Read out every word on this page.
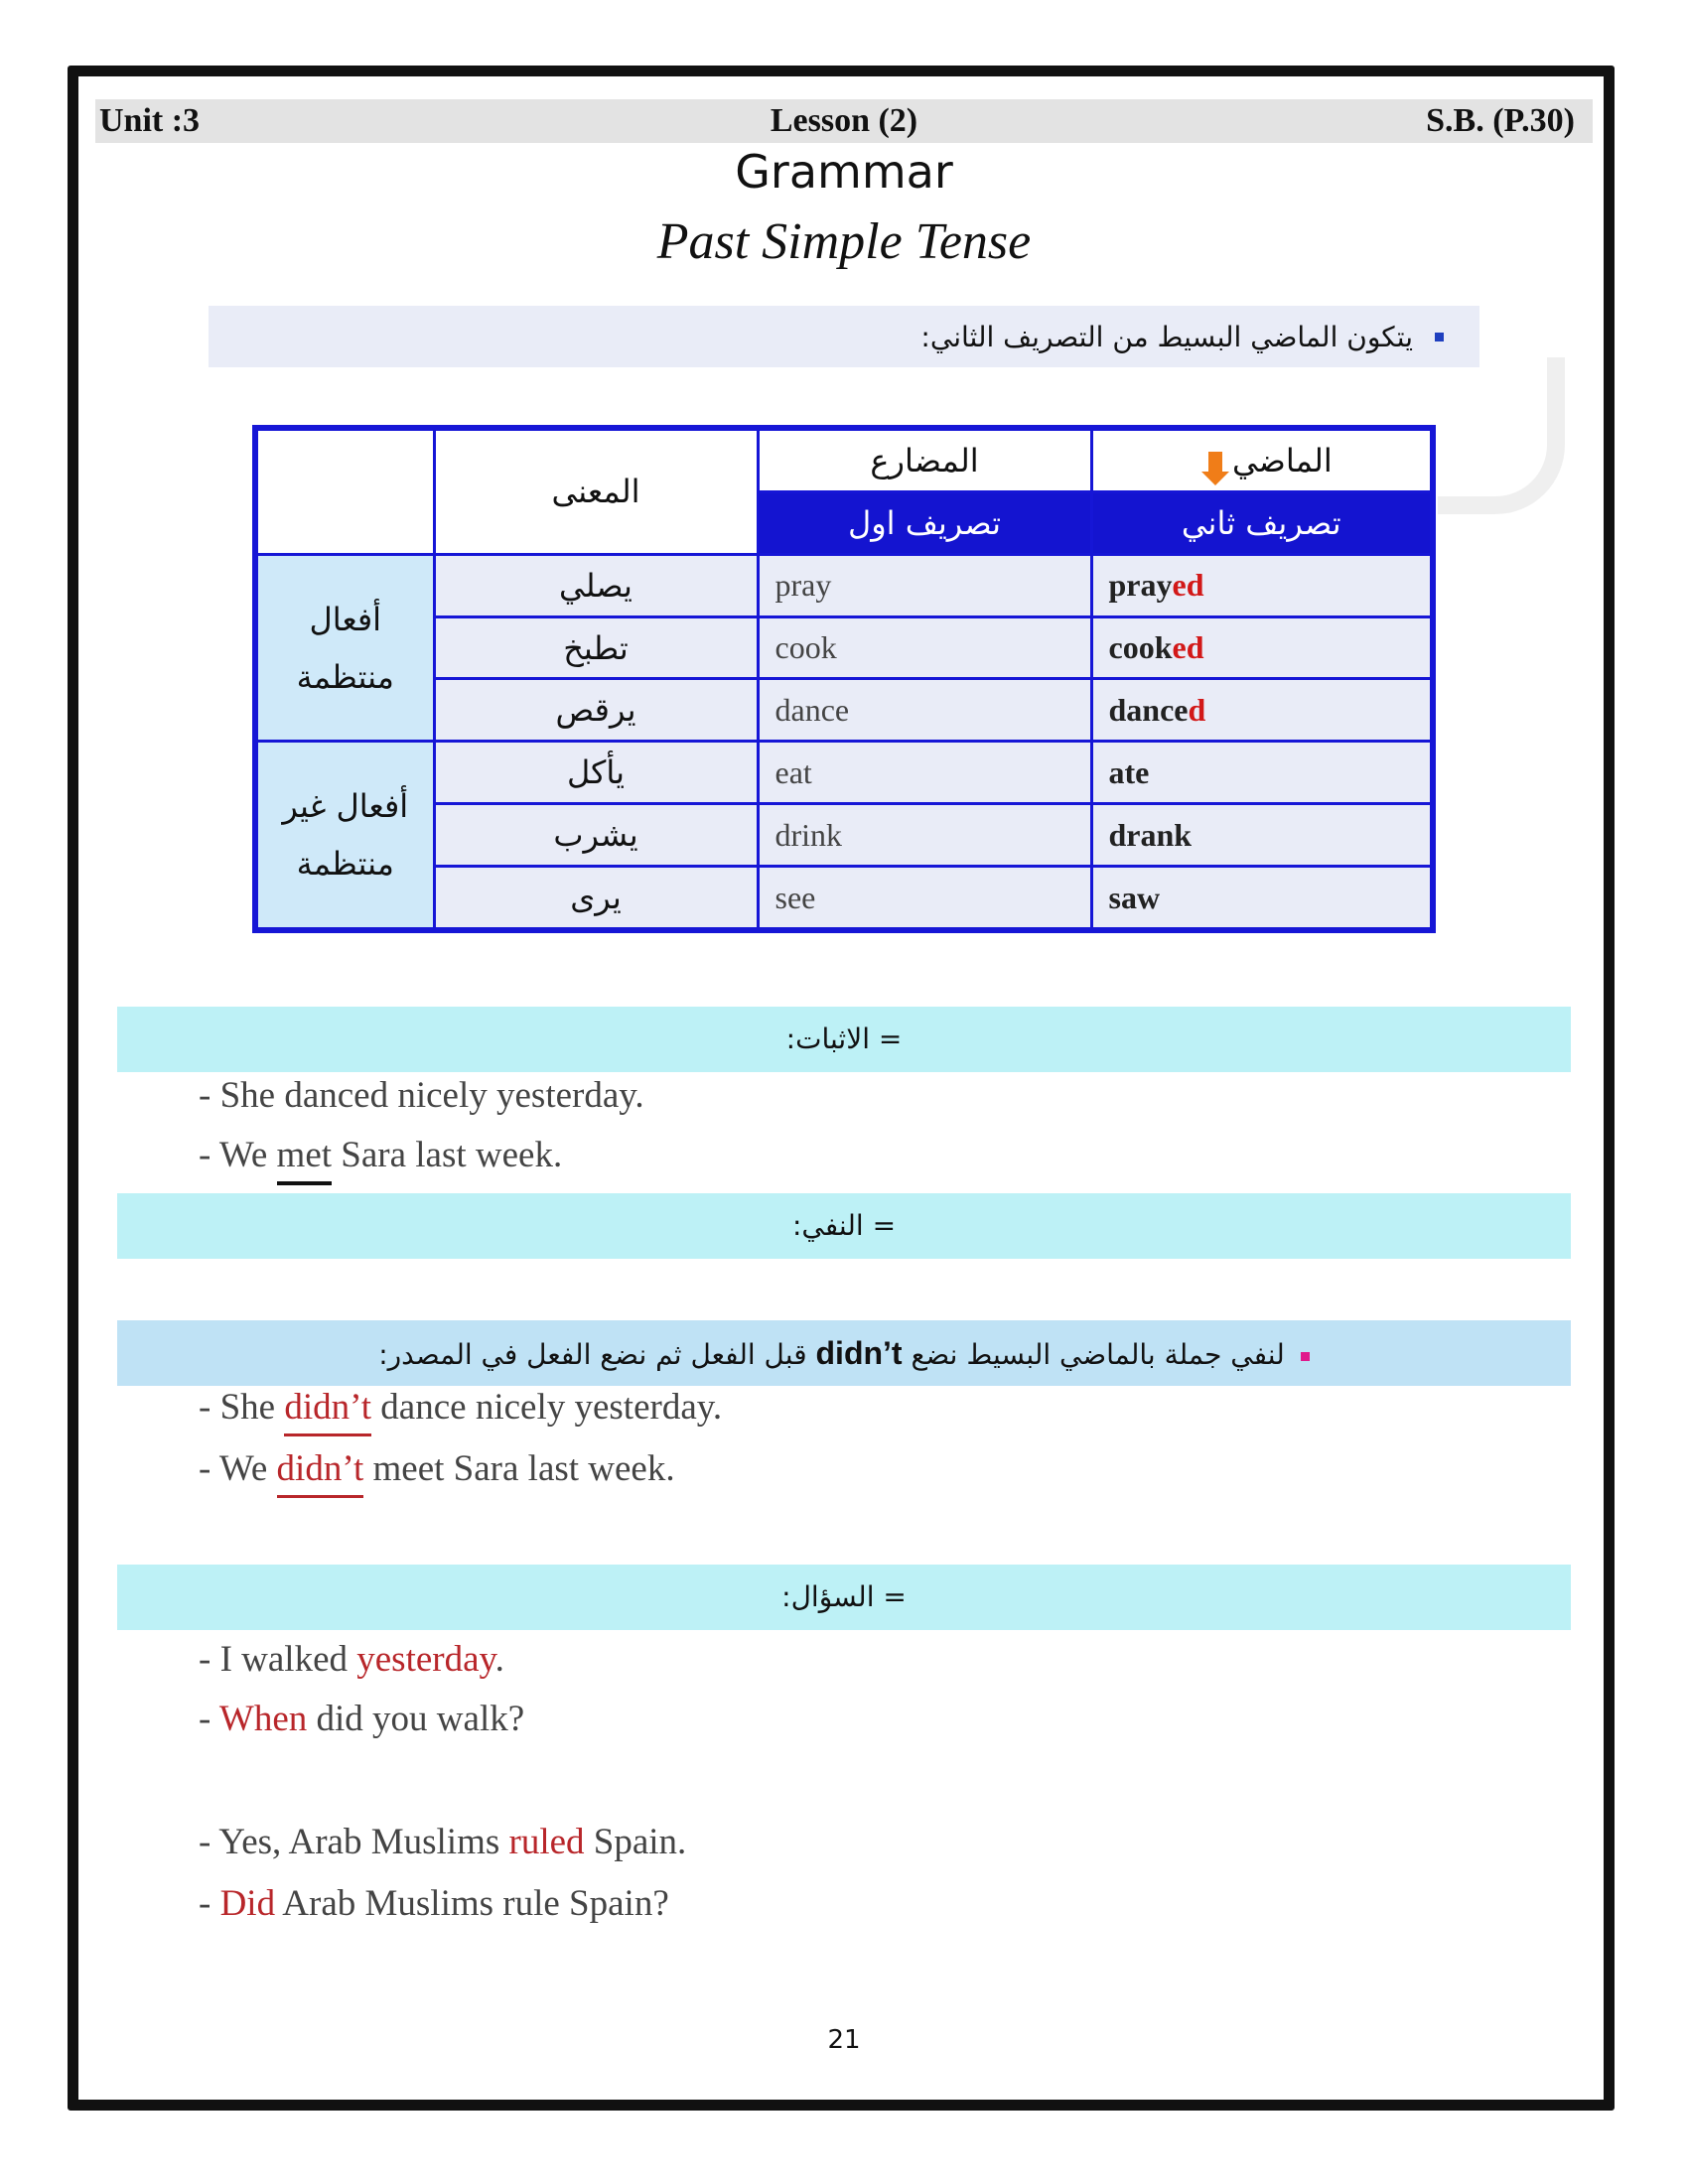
Unit :3	Lesson (2)	S.B. (P.30)
Grammar
Past Simple Tense
يتكون الماضي البسيط من التصريف الثاني:
	المعنى	المضارع	الماضي
		تصريف اول	تصريف ثاني
أفعال منتظمة	يصلي	pray	prayed
	تطبخ	cook	cooked
	يرقص	dance	danced
أفعال غير منتظمة	يأكل	eat	ate
	يشرب	drink	drank
	يرى	see	saw
= الاثبات:
- She danced nicely yesterday.
- We met Sara last week.
= النفي:
لنفي جملة بالماضي البسيط نضع didn’t قبل الفعل ثم نضع الفعل في المصدر:
- She didn’t dance nicely yesterday.
- We didn’t meet Sara last week.
= السؤال:
- I walked yesterday.
- When did you walk?
- Yes, Arab Muslims ruled Spain.
- Did Arab Muslims rule Spain?
21
